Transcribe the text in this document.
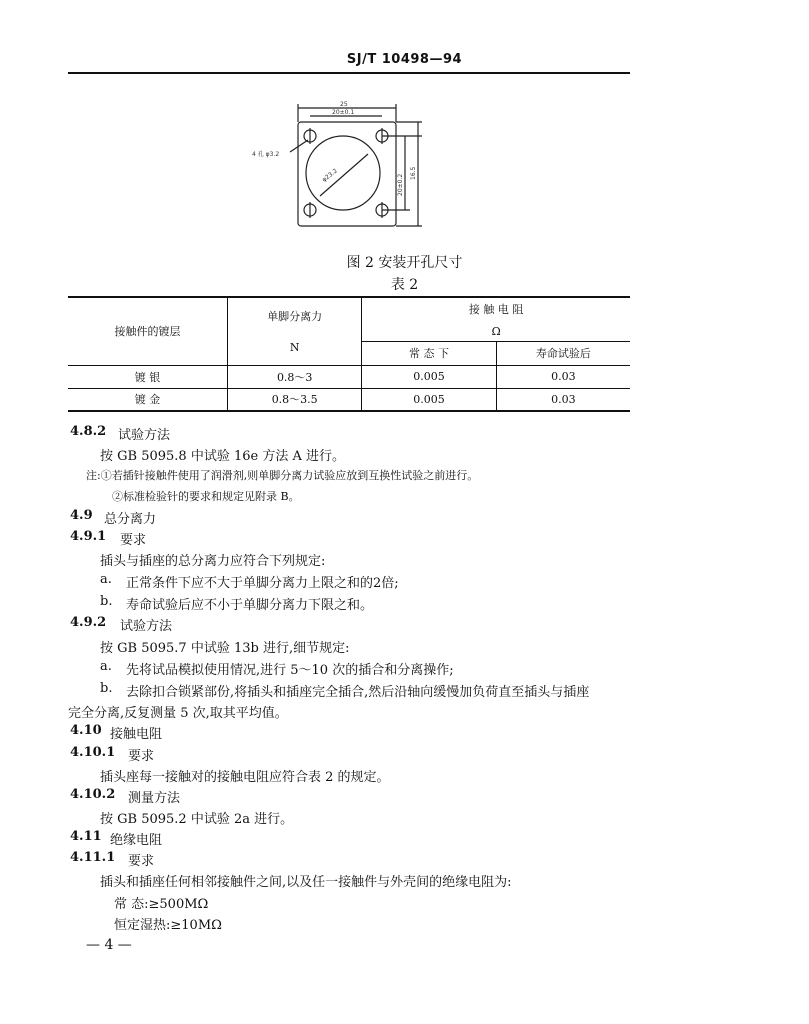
SJ/T 10498—94
4 孔 φ3.2
φ23.2
25
20±0.1
20±0.2
16.5
图 2 安装开孔尺寸
表 2
接触件的镀层	单脚分离力	接 触 电 阻
Ω	

	N	常 态 下	寿命试验后
镀 银	0.8～3	0.005	0.03
镀 金	0.8～3.5	0.005	0.03
4.8.2 试验方法
按 GB 5095.8 中试验 16e 方法 A 进行。
注:①若插针接触件使用了润滑剂,则单脚分离力试验应放到互换性试验之前进行。
②标准检验针的要求和规定见附录 B。
4.9 总分离力
4.9.1 要求
插头与插座的总分离力应符合下列规定:
a. 正常条件下应不大于单脚分离力上限之和的2倍;
b. 寿命试验后应不小于单脚分离力下限之和。
4.9.2 试验方法
按 GB 5095.7 中试验 13b 进行,细节规定:
a. 先将试品模拟使用情况,进行 5～10 次的插合和分离操作;
b. 去除扣合锁紧部份,将插头和插座完全插合,然后沿轴向缓慢加负荷直至插头与插座
完全分离,反复测量 5 次,取其平均值。
4.10 接触电阻
4.10.1 要求
插头座每一接触对的接触电阻应符合表 2 的规定。
4.10.2 测量方法
按 GB 5095.2 中试验 2a 进行。
4.11 绝缘电阻
4.11.1 要求
插头和插座任何相邻接触件之间,以及任一接触件与外壳间的绝缘电阻为:
常 态:≥500MΩ
恒定湿热:≥10MΩ
— 4 —
